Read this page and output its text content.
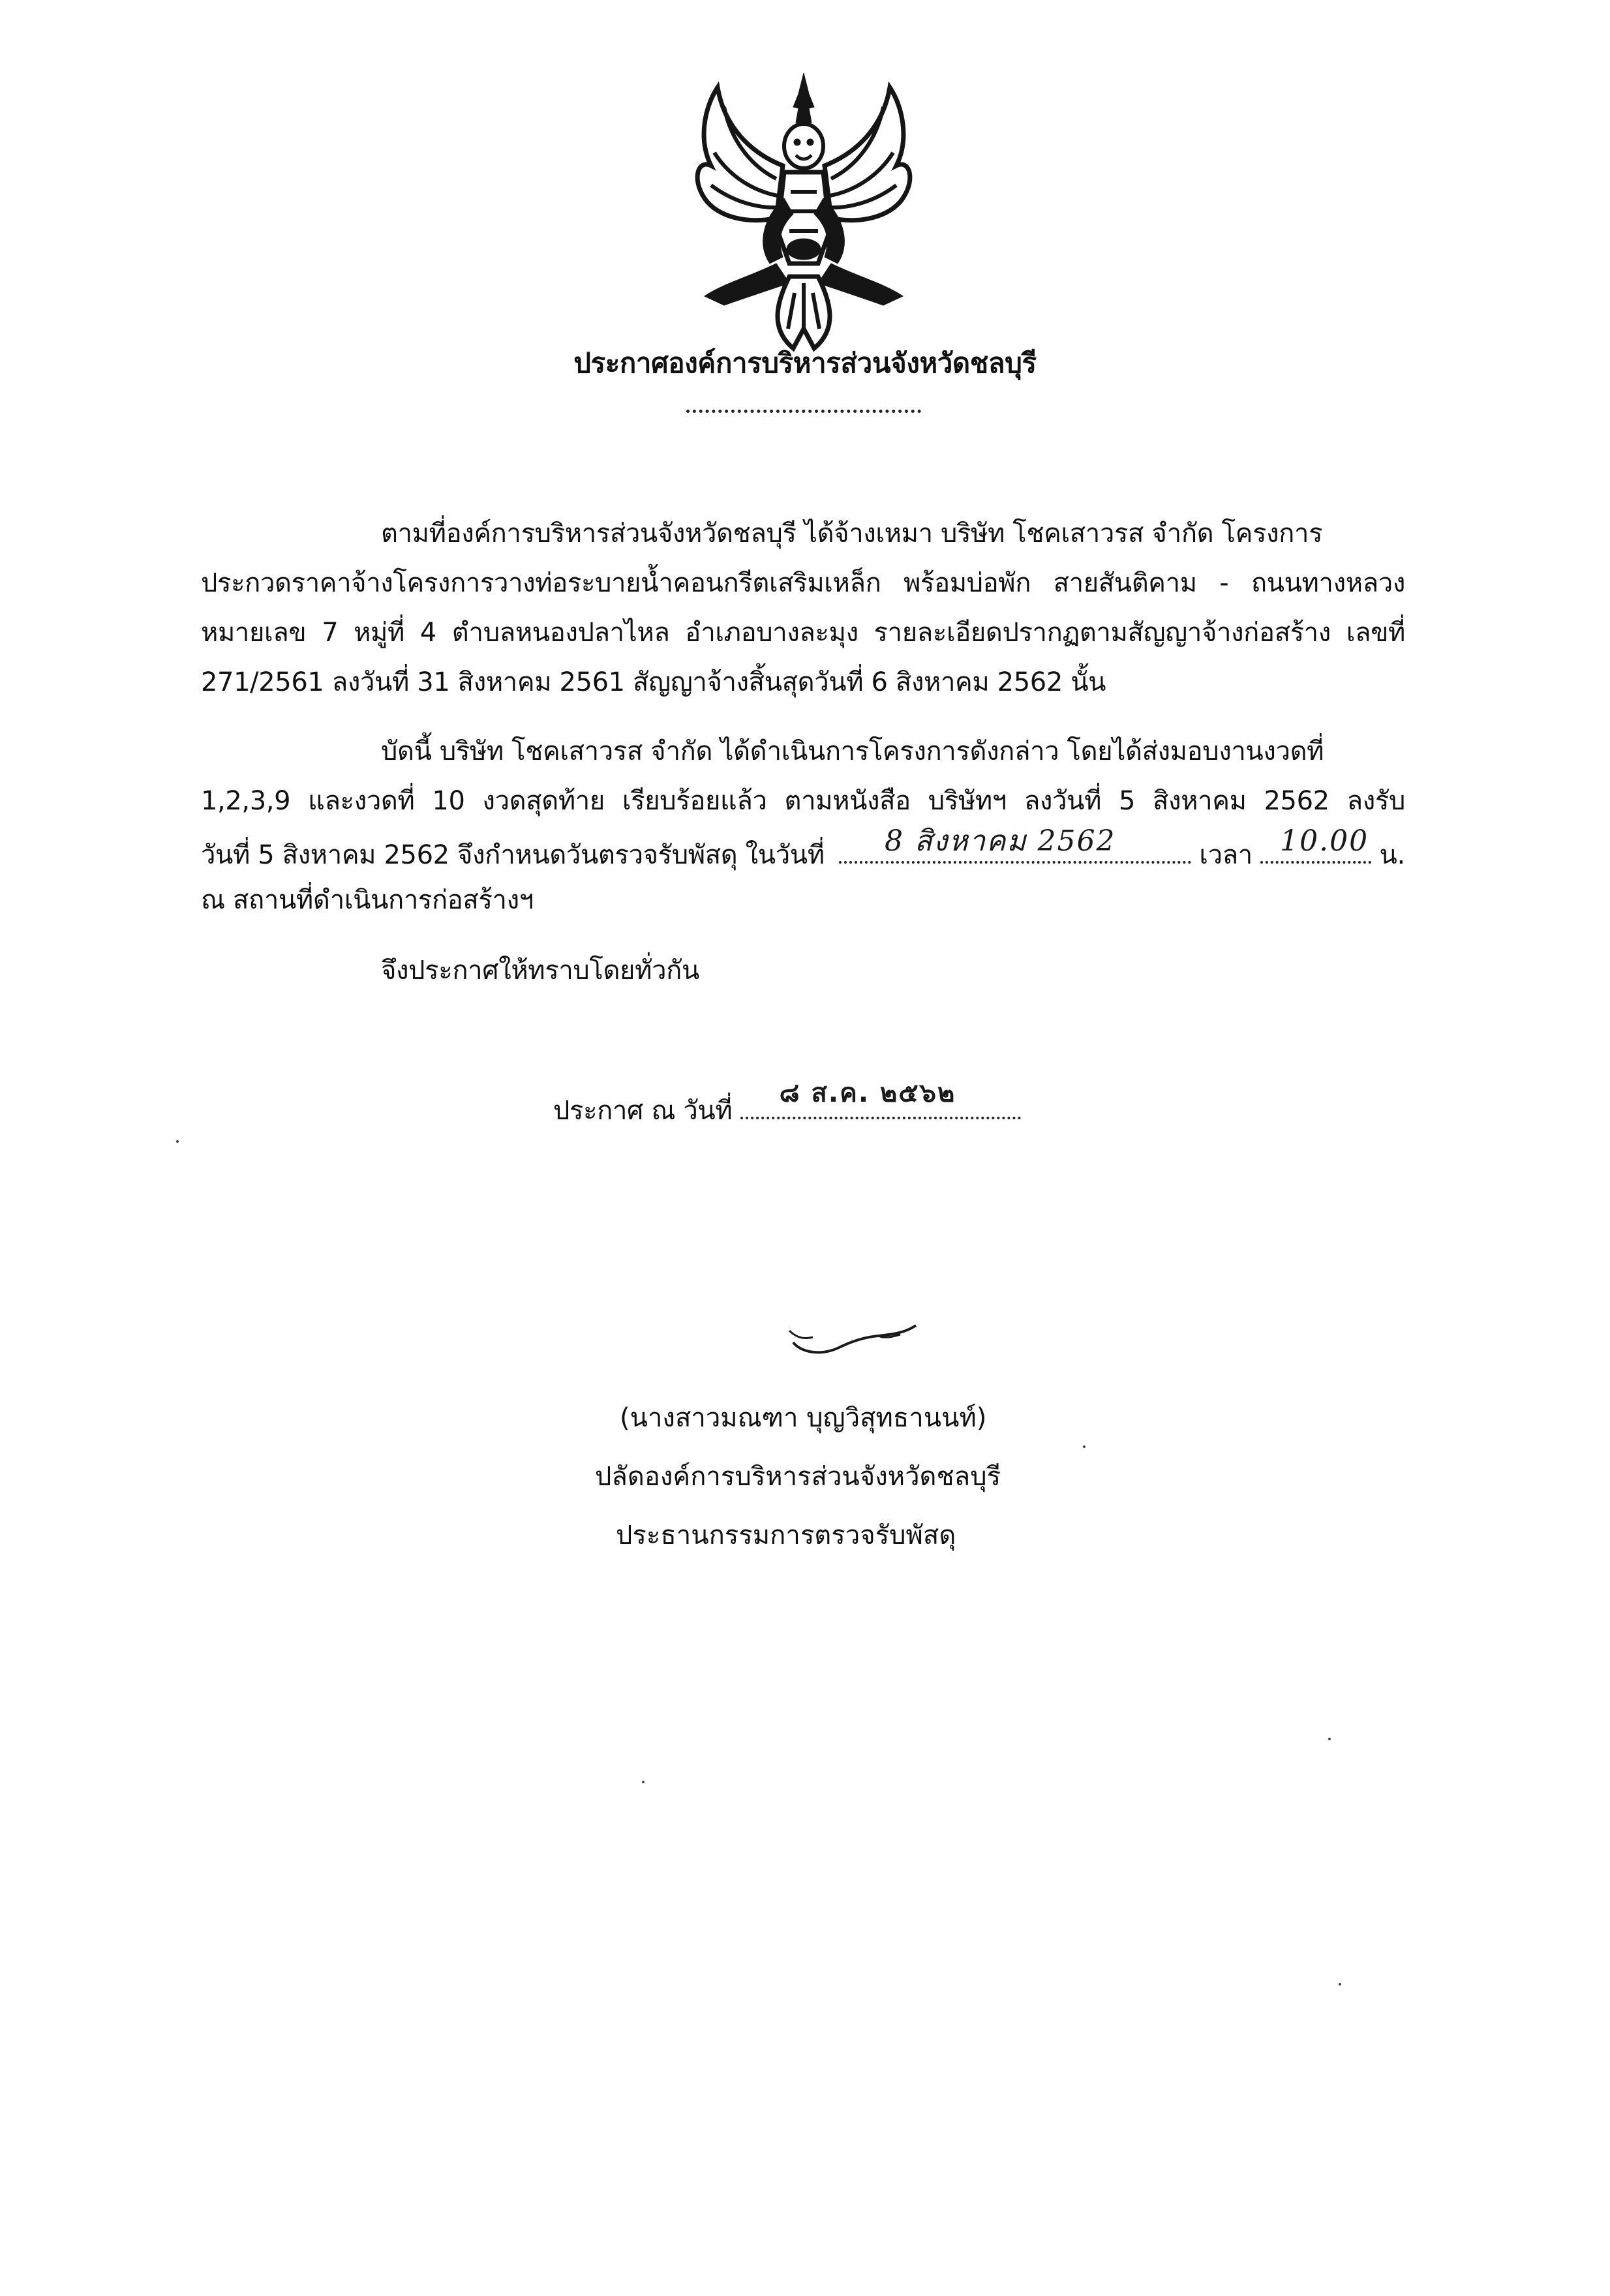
ประกาศองค์การบริหารส่วนจังหวัดชลบุรี
ตามที่องค์การบริหารส่วนจังหวัดชลบุรี ได้จ้างเหมา บริษัท โชคเสาวรส จำกัด โครงการ
ประกวดราคาจ้างโครงการวางท่อระบายน้ำคอนกรีตเสริมเหล็ก พร้อมบ่อพัก สายสันติคาม - ถนนทางหลวง
หมายเลข 7 หมู่ที่ 4 ตำบลหนองปลาไหล อำเภอบางละมุง รายละเอียดปรากฏตามสัญญาจ้างก่อสร้าง เลขที่
271/2561 ลงวันที่ 31 สิงหาคม 2561 สัญญาจ้างสิ้นสุดวันที่ 6 สิงหาคม 2562 นั้น
บัดนี้ บริษัท โชคเสาวรส จำกัด ได้ดำเนินการโครงการดังกล่าว โดยได้ส่งมอบงานงวดที่
1,2,3,9 และงวดที่ 10 งวดสุดท้าย เรียบร้อยแล้ว ตามหนังสือ บริษัทฯ ลงวันที่ 5 สิงหาคม 2562 ลงรับ
วันที่ 5 สิงหาคม 2562 จึงกำหนดวันตรวจรับพัสดุ ในวันที่ 8 สิงหาคม 2562	เวลา 10.00 น.
ณ สถานที่ดำเนินการก่อสร้างฯ
จึงประกาศให้ทราบโดยทั่วกัน
ประกาศ ณ วันที่
๘ ส.ค. ๒๕๖๒
(นางสาวมณฑา บุญวิสุทธานนท์)
ปลัดองค์การบริหารส่วนจังหวัดชลบุรี
ประธานกรรมการตรวจรับพัสดุ
